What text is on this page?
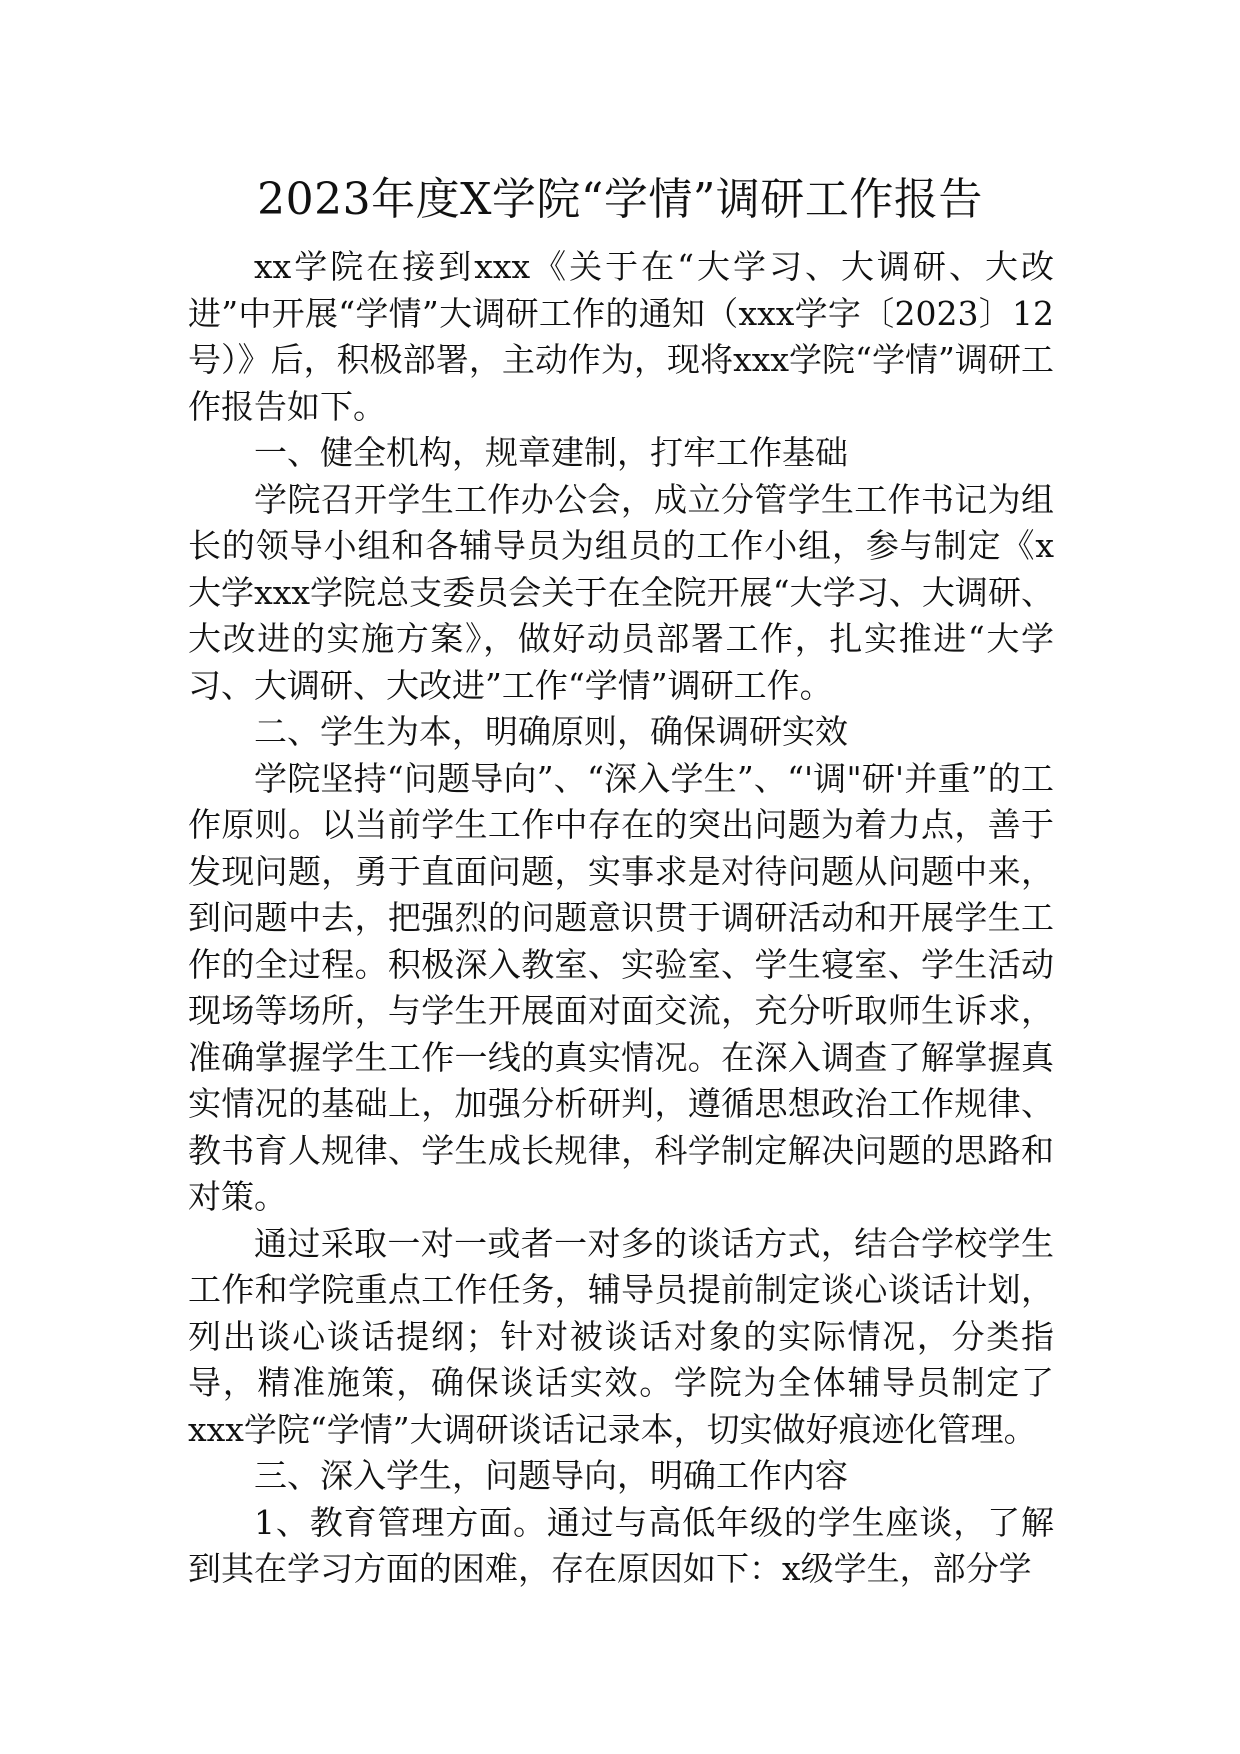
2023年度X学院“学情”调研工作报告

xx学院在接到xxx《关于在“大学习、大调研、大改进”中开展“学情”大调研工作的通知（xxx学字〔2023〕12号）》后，积极部署，主动作为，现将xxx学院“学情”调研工作报告如下。

一、健全机构，规章建制，打牢工作基础

学院召开学生工作办公会，成立分管学生工作书记为组长的领导小组和各辅导员为组员的工作小组，参与制定《x大学xxx学院总支委员会关于在全院开展“大学习、大调研、大改进的实施方案》，做好动员部署工作，扎实推进“大学习、大调研、大改进”工作“学情”调研工作。

二、学生为本，明确原则，确保调研实效

学院坚持“问题导向”、“深入学生”、“'调"研'并重”的工作原则。以当前学生工作中存在的突出问题为着力点，善于发现问题，勇于直面问题，实事求是对待问题从问题中来，到问题中去，把强烈的问题意识贯于调研活动和开展学生工作的全过程。积极深入教室、实验室、学生寝室、学生活动现场等场所，与学生开展面对面交流，充分听取师生诉求，准确掌握学生工作一线的真实情况。在深入调查了解掌握真实情况的基础上，加强分析研判，遵循思想政治工作规律、教书育人规律、学生成长规律，科学制定解决问题的思路和对策。

通过采取一对一或者一对多的谈话方式，结合学校学生工作和学院重点工作任务，辅导员提前制定谈心谈话计划，列出谈心谈话提纲；针对被谈话对象的实际情况，分类指导，精准施策，确保谈话实效。学院为全体辅导员制定了xxx学院“学情”大调研谈话记录本，切实做好痕迹化管理。

三、深入学生，问题导向，明确工作内容

1、教育管理方面。通过与高低年级的学生座谈，了解到其在学习方面的困难，存在原因如下：x级学生，部分学
